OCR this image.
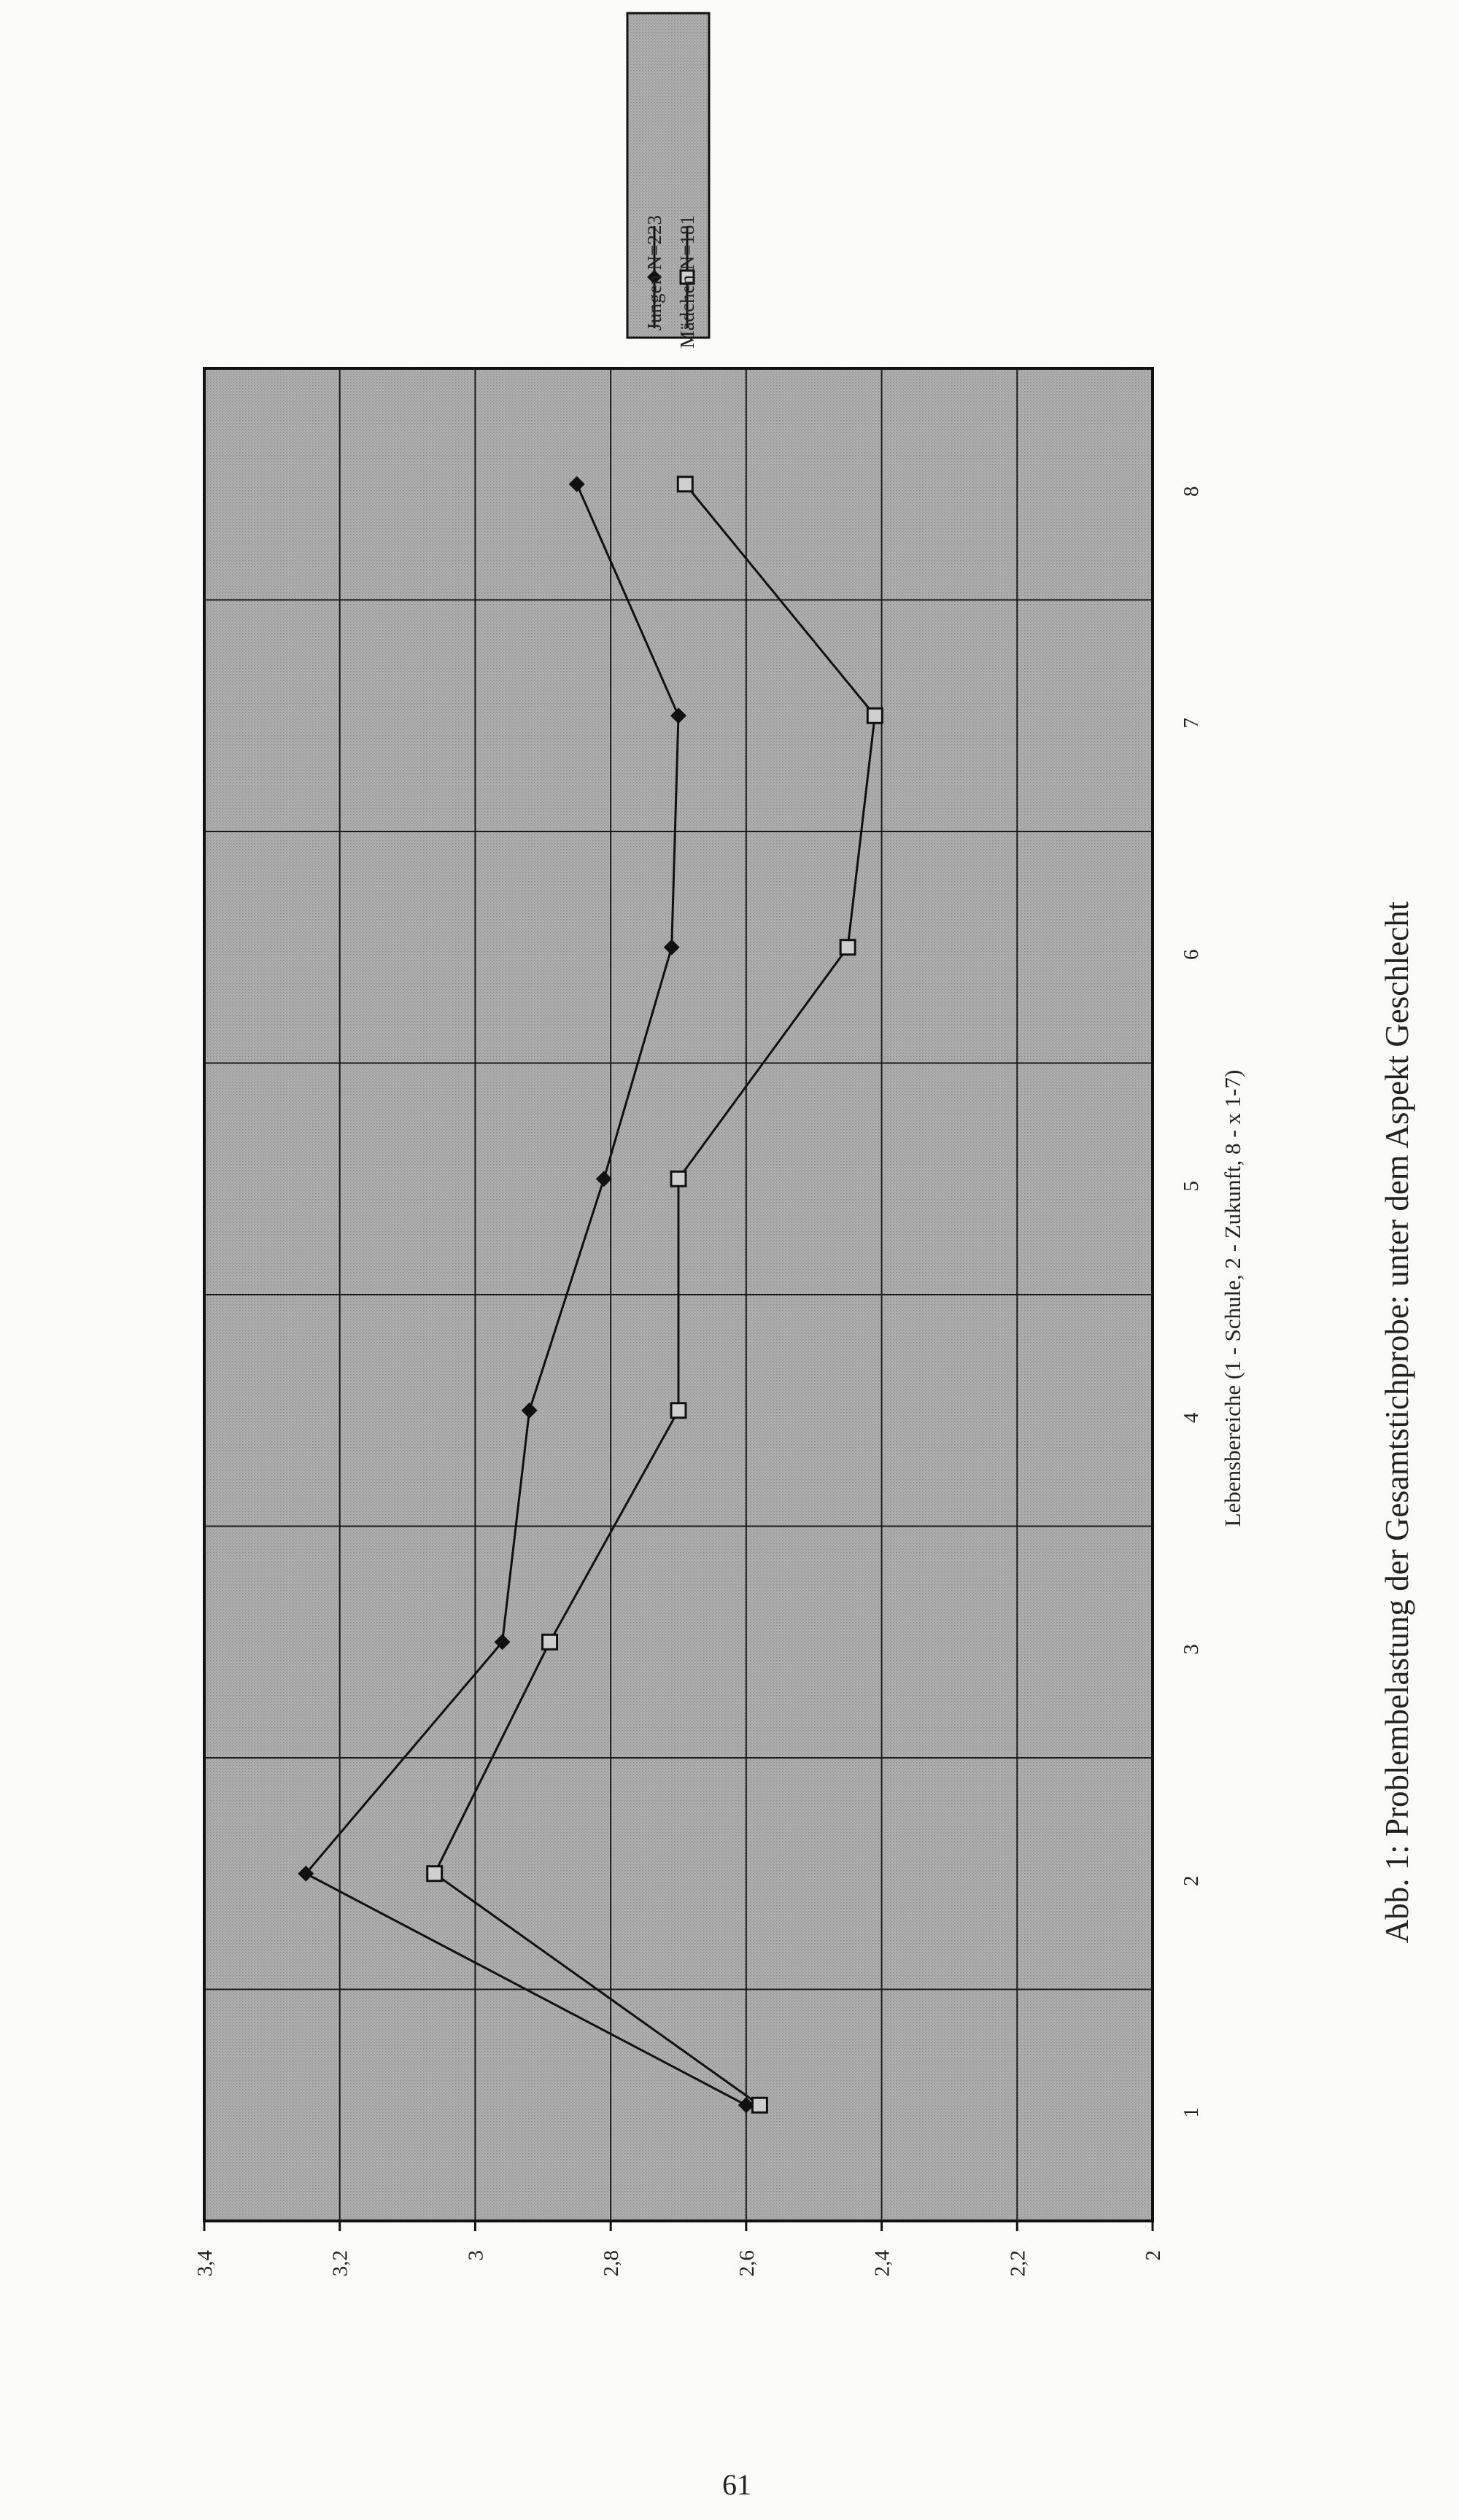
2
2,2
2,4
2,6
2,8
3
3,2
3,4
1
2
3
4
5
6
7
8
Lebensbereiche (1 - Schule, 2 - Zukunft, 8 - x 1-7)
Jungen N=223 Mädchen N=181
Abb. 1: Problembelastung der Gesamtstichprobe: unter dem Aspekt Geschlecht
61
